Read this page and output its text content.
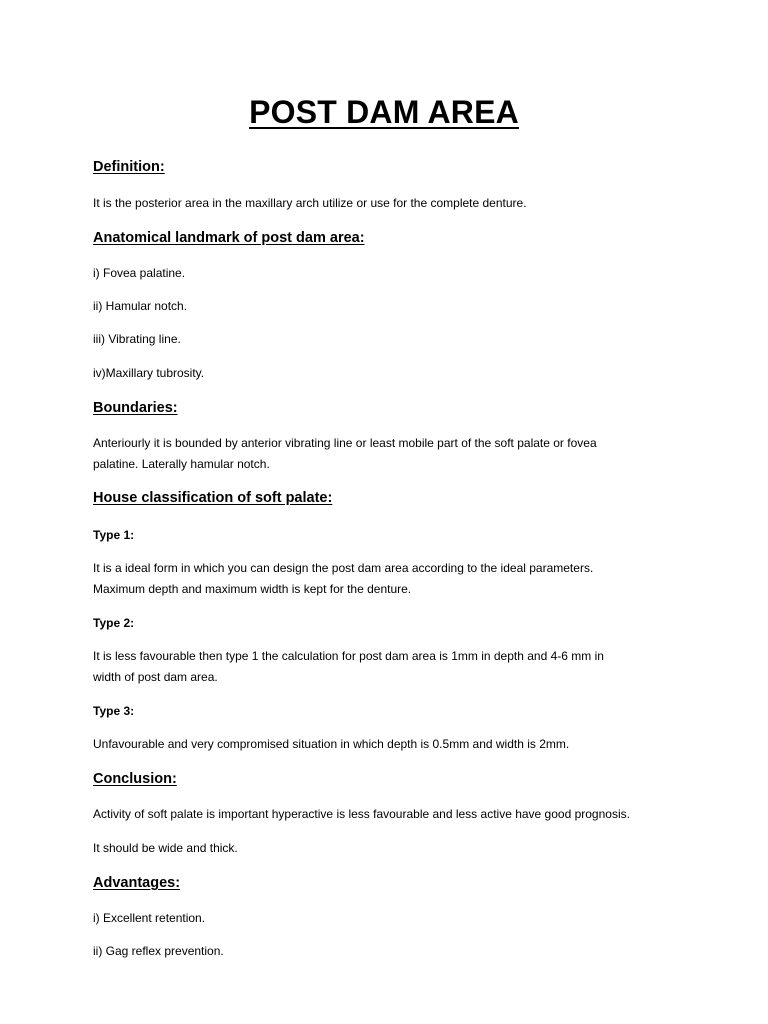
POST DAM AREA
Definition:
It is the posterior area in the maxillary arch utilize or use for the complete denture.
Anatomical landmark of post dam area:
i) Fovea palatine.
ii) Hamular notch.
iii) Vibrating line.
iv)Maxillary tubrosity.
Boundaries:
Anteriourly it is bounded by anterior vibrating line or least mobile part of the soft palate or fovea
palatine. Laterally hamular notch.
House classification of soft palate:
Type 1:
It is a ideal form in which you can design the post dam area according to the ideal parameters.
Maximum depth and maximum width is kept for the denture.
Type 2:
It is less favourable then type 1 the calculation for post dam area is 1mm in depth and 4-6 mm in
width of post dam area.
Type 3:
Unfavourable and very compromised situation in which depth is 0.5mm and width is 2mm.
Conclusion:
Activity of soft palate is important hyperactive is less favourable and less active have good prognosis.
It should be wide and thick.
Advantages:
i) Excellent retention.
ii) Gag reflex prevention.
